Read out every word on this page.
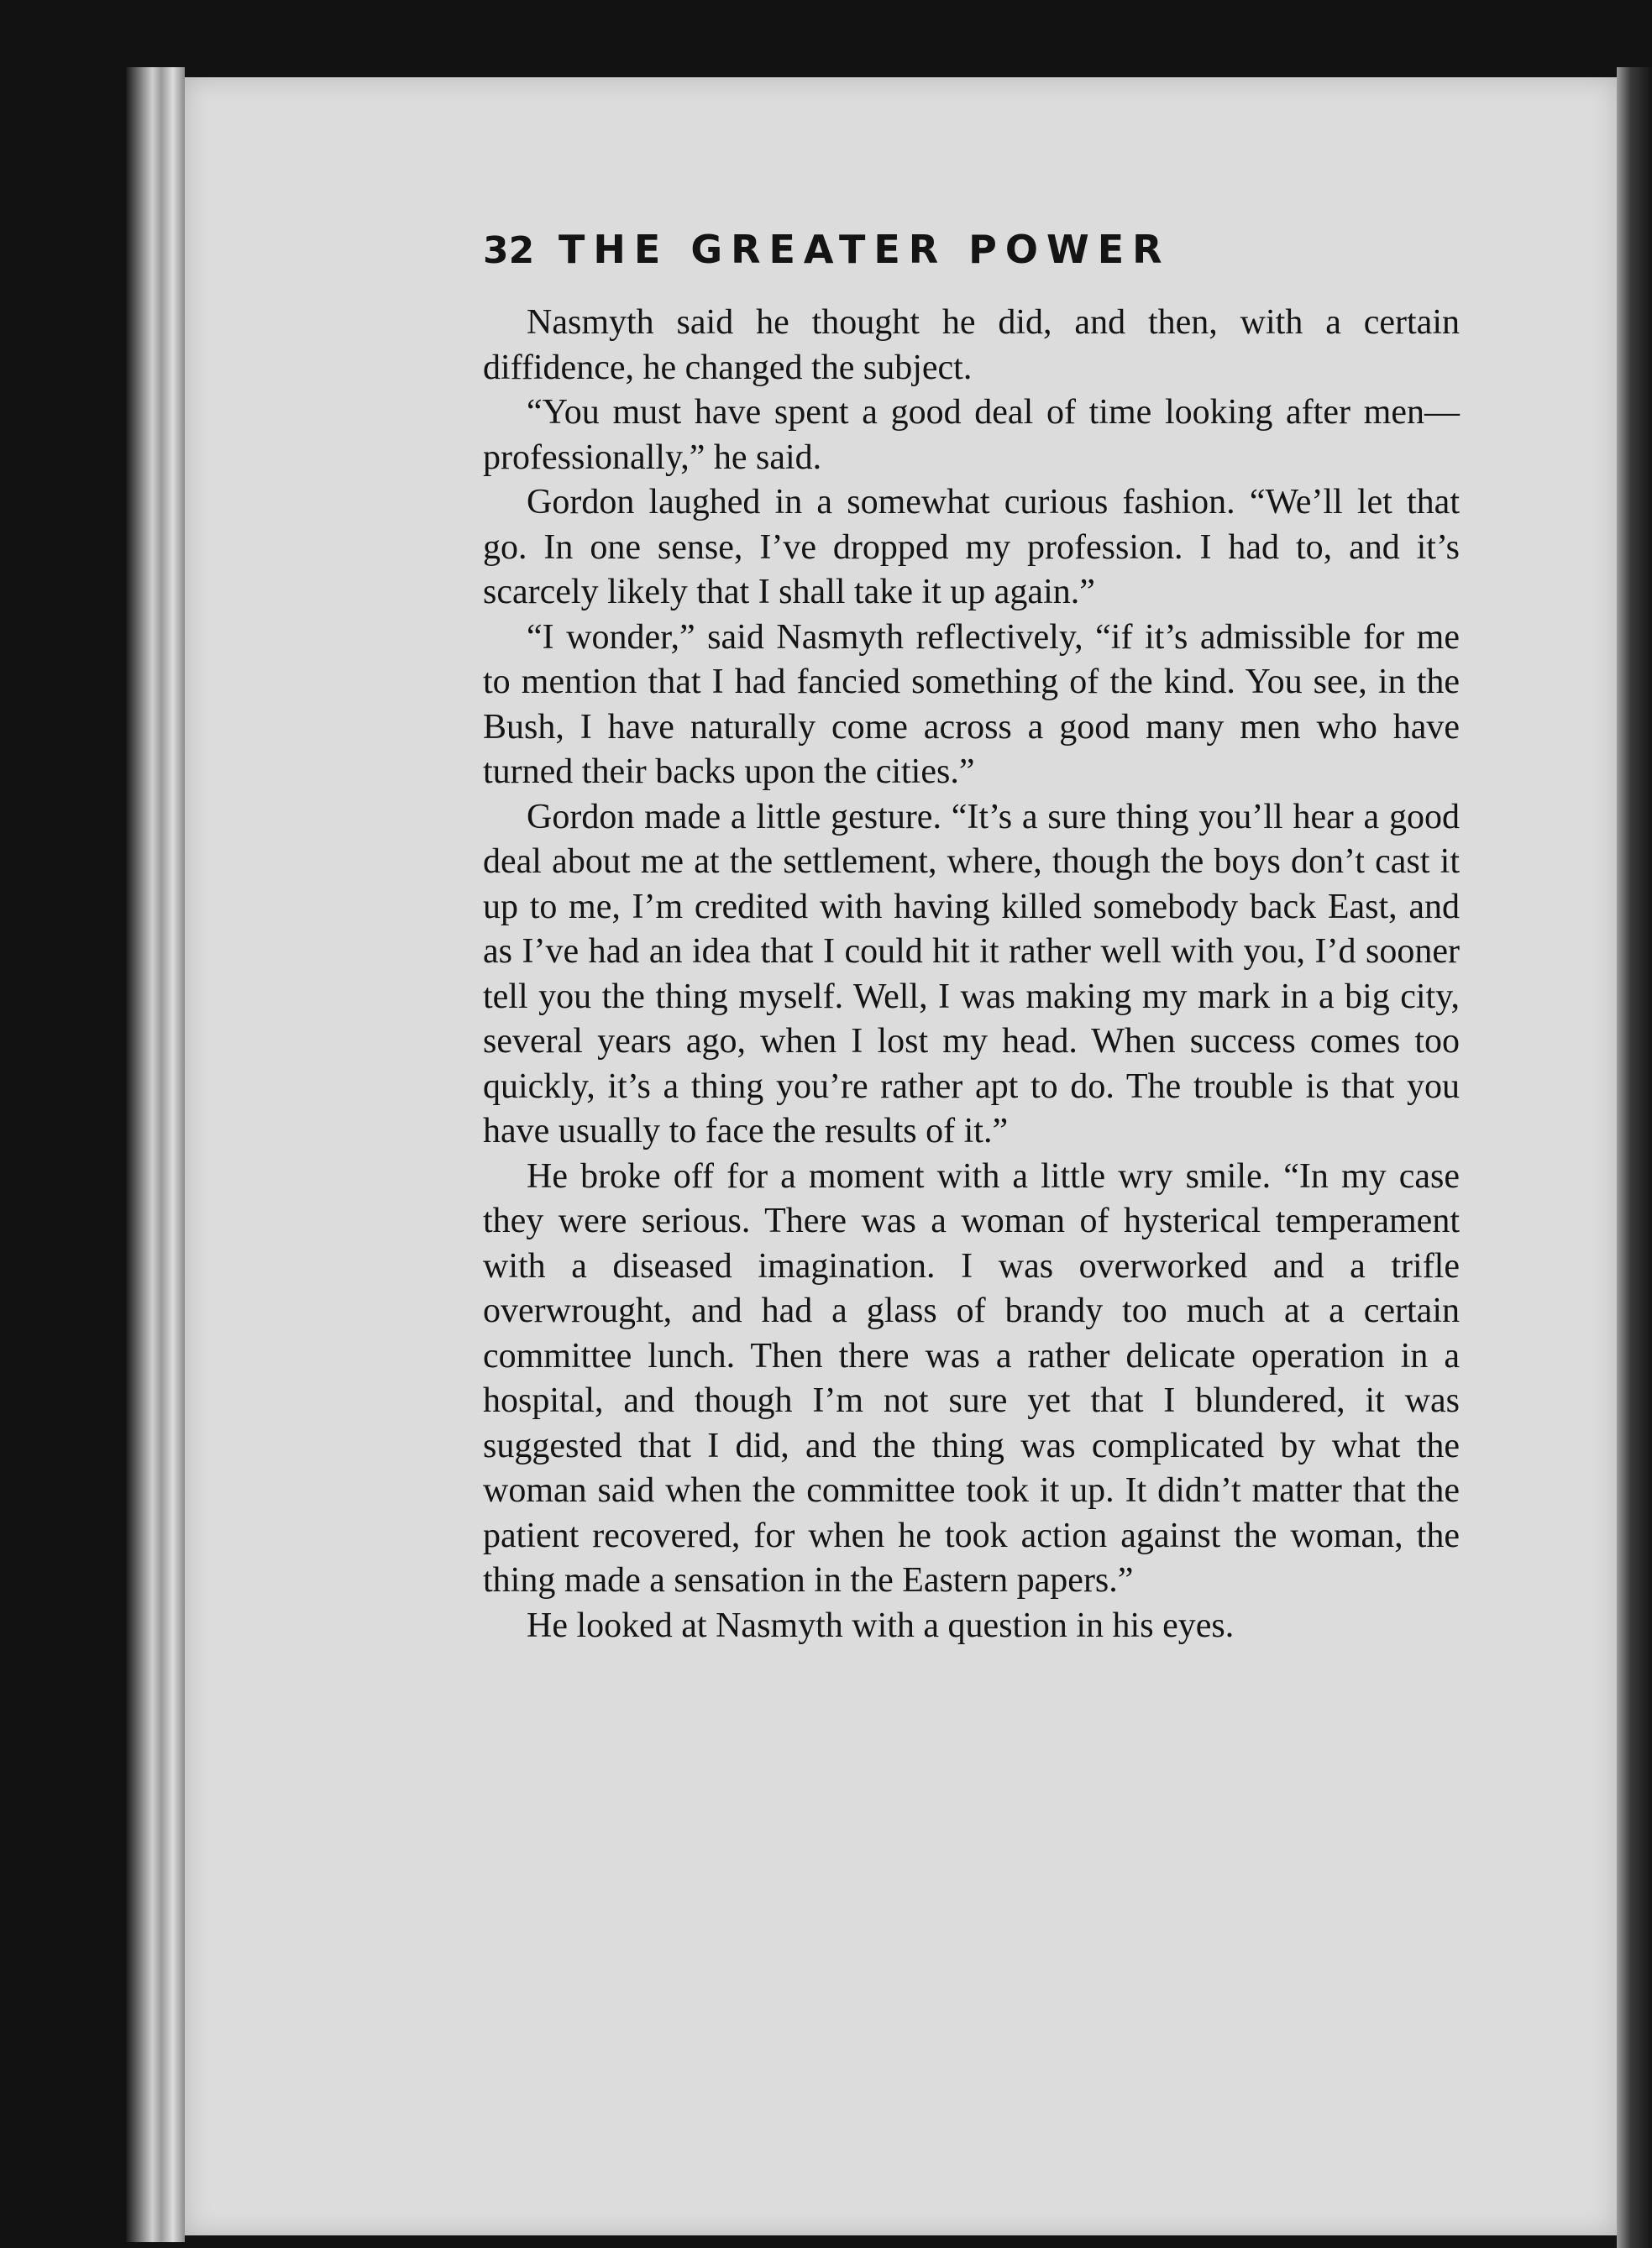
32 THE GREATER POWER

Nasmyth said he thought he did, and then, with a certain diffidence, he changed the subject.

“You must have spent a good deal of time looking after men—professionally,” he said.

Gordon laughed in a somewhat curious fashion. “We’ll let that go. In one sense, I’ve dropped my profession. I had to, and it’s scarcely likely that I shall take it up again.”

“I wonder,” said Nasmyth reflectively, “if it’s admissible for me to mention that I had fancied something of the kind. You see, in the Bush, I have naturally come across a good many men who have turned their backs upon the cities.”

Gordon made a little gesture. “It’s a sure thing you’ll hear a good deal about me at the settlement, where, though the boys don’t cast it up to me, I’m credited with having killed somebody back East, and as I’ve had an idea that I could hit it rather well with you, I’d sooner tell you the thing myself. Well, I was making my mark in a big city, several years ago, when I lost my head. When success comes too quickly, it’s a thing you’re rather apt to do. The trouble is that you have usually to face the results of it.”

He broke off for a moment with a little wry smile. “In my case they were serious. There was a woman of hysterical temperament with a diseased imagination. I was overworked and a trifle overwrought, and had a glass of brandy too much at a certain committee lunch. Then there was a rather delicate operation in a hospital, and though I’m not sure yet that I blundered, it was suggested that I did, and the thing was complicated by what the woman said when the committee took it up. It didn’t matter that the patient recovered, for when he took action against the woman, the thing made a sensation in the Eastern papers.”

He looked at Nasmyth with a question in his eyes.
